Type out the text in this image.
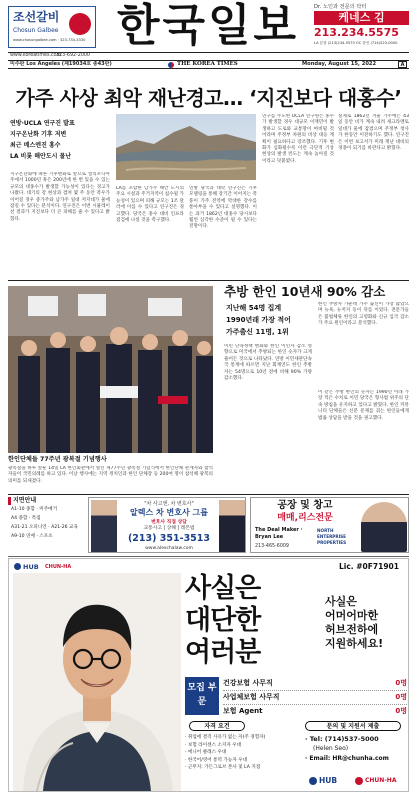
조선갈비
Chosun Galbee
www.chosungalbee.com · 323-734-3330 한국일보	Dr. 노인과 전문의 닥터
케네스 김
213.234.5575
LA 본점 (213)234-5575 OC 한인 (714)523-0000
www.koreatimes.com
323-692-2000
미주판 Los Angeles (제19034호 종43판)	THE KOREA TIMES	Monday, August 15, 2022	A
가주 사상 최악 재난경고… ‘지진보다 대홍수’
연방·UCLA 연구진 발표
지구온난화 기후 저변
최근 메스엔진 홍수
LA 비롯 해안도시 물난
지구온난화에 따른 기후변화로 앞으로 캘리포니아 주에서 1000년 혹은 200년에 한 번 있을 수 있는 규모의 대홍수가 발생할 가능성이 있다는 경고가 나왔다. 대기의 강 현상과 겹쳐 몇 주 동안 폭우가 이어질 경우 중가주와 남가주 일대 저지대가 물에 잠길 수 있다는 분석이다. 연구진은 이번 시뮬레이션 결과가 지진보다 더 큰 피해를 줄 수 있다고 밝혔다.
LA를 포함한 남가주 해안 도시의 주요 시설과 주거지역이 침수될 가능성이 있으며 피해 규모는 1조 달러에 이를 수 있다고 연구진은 경고했다. 당국은 홍수 대비 인프라 점검에 나설 것을 촉구했다.
연방 당국과 대학 연구진은 기후 모델링을 통해 장기간 이어지는 폭풍이 가주 전역에 막대한 강수를 쏟아부을 수 있다고 설명했다. 이는 과거 1862년 대홍수 당시보다 훨씬 심각한 수준이 될 수 있다는 전망이다.
연구를 주도한 UCLA 연구원은 홍수가 발생할 경우 대규모 이재민이 발생하고 도로와 교통망이 마비될 것이라며 주정부 차원의 비상 대응 계획이 필요하다고 강조했다. 기후 변화가 심화될수록 이런 극단적 기상 현상의 발생 빈도는 계속 높아질 것이라고 덧붙였다.
실제로 1862년 겨울 가주에는 43일 동안 비가 계속 내려 새크라멘토 일대가 물에 잠겼으며 주정부 청사가 한동안 이전하기도 했다. 연구진은 이번 보고서가 미래 재난 대비의 경종이 되기를 바란다고 밝혔다.
한인단체들 77주년 광복절 기념행사
광복절을 하루 앞둔 14일 LA 한인회관에서 열린 제77주년 광복절 기념식에서 한인단체 관계자와 참석자들이 국민의례를 하고 있다. 이날 행사에는 지역 정치인과 한인 단체장 등 200여 명이 참석해 광복의 의미를 되새겼다.
추방 한인 10년새 90% 감소
지난해 54명 집계
1990년래 가장 적어
가주출신 11명, 1위
이민 단속정책 변화와 한인 이민자 감소 영향으로 미국에서 추방되는 한인 숫자가 크게 줄어든 것으로 나타났다. 연방 이민세관단속국 통계에 따르면 지난 회계연도 한인 추방자는 54명으로 10년 전에 비해 90% 가량 감소했다.
한인 추방자 가운데 가주 출신이 가장 많았으며 뉴욕, 뉴저지 등이 뒤를 이었다. 전문가들은 불법체류 한인의 고령화와 신규 입국 감소가 주요 원인이라고 분석했다.
이 같은 추방 한인의 숫자는 1990년 이래 가장 적은 수치로 이민 당국은 형사범 위주의 단속 방침을 유지하고 있다고 밝혔다. 한인 커뮤니티 단체들은 신분 문제를 겪는 한인들에게 법률 상담을 받을 것을 권고했다.
지면안내
A1-10 종합 · 미주매거
A4 종합 · 특집
A31-21 오피니언 · A21-26 교육
A9-10 연예 · 스포츠
"차 사고엔, 차 변호사"
알렉스 차 변호사 그룹
변호사 직접 상담
교통사고 | 상해 | 레몬법
(213) 351-3513
www.alexchalaw.com
공장 및 창고
매매,리스전문
The Deal Maker · Bryan Lee
213-465-6009
NORTH ENTERPRISE PROPERTIES
HUB CHUN-HA	Lic. #0F71901
사실은
대단한
여러분
사실은
어머어마한
허브전하에
지원하세요!
모집 부문
건강보험 사무직	0명
사업체보험 사무직	0명
보험 Agent	0명
자격 요건
· 취업에 결격 사유가 없는 자(주 경험자)
· 보험 라이센스 소지자 우대
· 에니어 클래스 우대
· 한국어/영어 통역 가능자 우대
· 근무지: 가든그로브 본사 및 LA 지점
문의 및 지원서 제출
· Tel: (714)537-5000
(Helen Seo)
· Email: HR@chunha.com
HUB	CHUN-HA
